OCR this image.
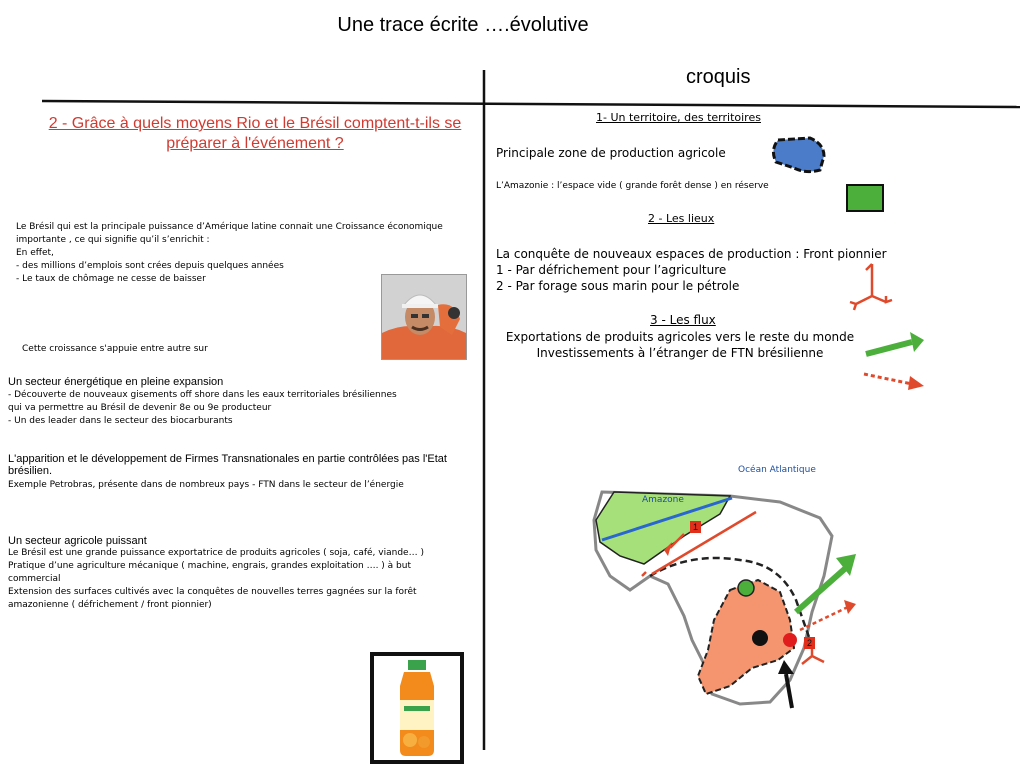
Une trace écrite ….évolutive
croquis
2 - Grâce à quels moyens Rio et le Brésil comptent-t-ils se préparer à l'événement ?
Le Brésil qui est la principale puissance d’Amérique latine connait une Croissance économique
importante , ce qui signifie qu’il s’enrichit :
En effet,
- des millions d’emplois sont crées depuis quelques années
- Le taux de chômage ne cesse de baisser
Cette croissance s'appuie entre autre sur
Un secteur énergétique en pleine expansion
- Découverte de nouveaux gisements off shore dans les eaux territoriales brésiliennes
qui va permettre au Brésil de devenir 8e ou 9e producteur
- Un des leader dans le secteur des biocarburants
L'apparition et le développement de Firmes Transnationales en partie contrôlées pas l'Etat brésilien.
Exemple Petrobras, présente dans de nombreux pays - FTN dans le secteur de l’énergie
Un secteur agricole puissant
Le Brésil est une grande puissance exportatrice de produits agricoles ( soja, café, viande… )
Pratique d’une agriculture mécanique ( machine, engrais, grandes exploitation …. ) à but
commercial
Extension des surfaces cultivés avec la conquêtes de nouvelles terres gagnées sur la forêt
amazonienne ( défrichement / front pionnier)
1- Un territoire, des territoires
Principale zone de production agricole
L’Amazonie : l’espace vide ( grande forêt dense ) en réserve
2 - Les lieux
La conquête de nouveaux espaces de production : Front pionnier
1 - Par défrichement pour l’agriculture
2 - Par forage sous marin pour le pétrole
3 - Les flux
Exportations de produits agricoles vers le reste du monde
Investissements à l’étranger de FTN brésilienne
Océan Atlantique
Amazone
1
2
